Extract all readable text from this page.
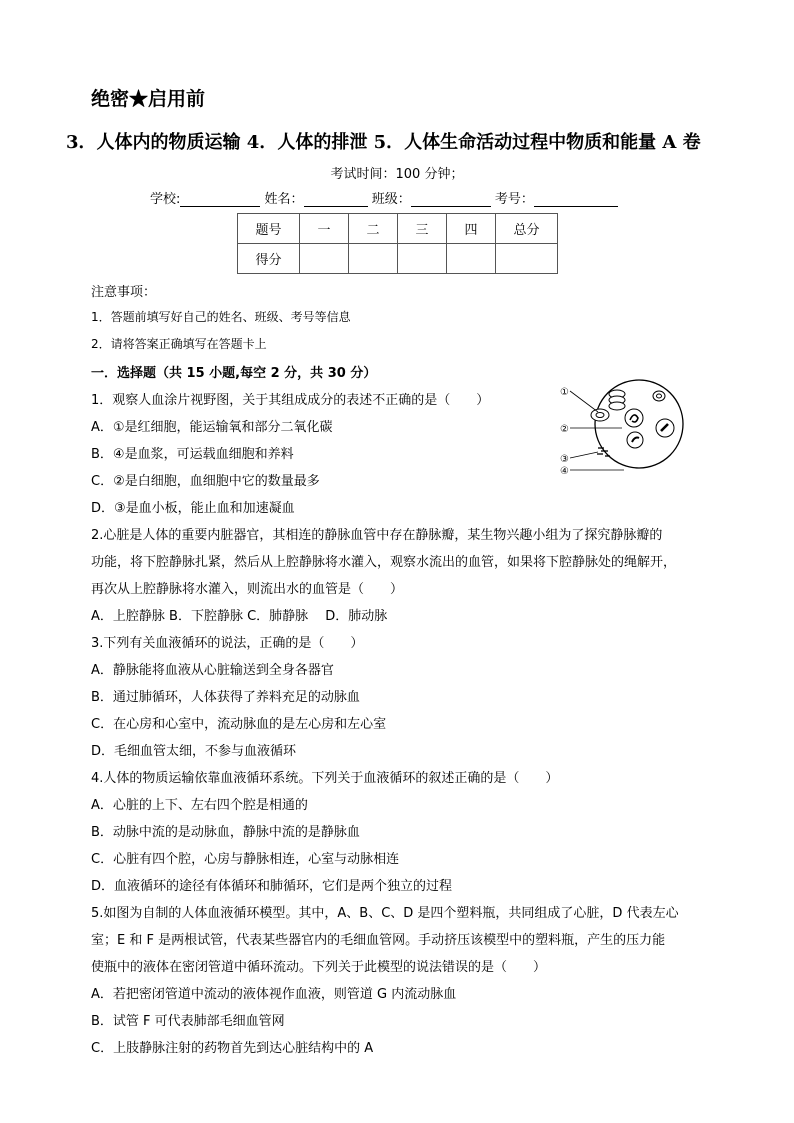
绝密★启用前
3．人体内的物质运输 4．人体的排泄 5．人体生命活动过程中物质和能量 A 卷
考试时间：100 分钟；
学校:	姓名：	班级：	考号：
题号	一	二	三	四	总分
得分					
注意事项：
1．答题前填写好自己的姓名、班级、考号等信息
2．请将答案正确填写在答题卡上
一．选择题（共 15 小题,每空 2 分，共 30 分）
1．观察人血涂片视野图，关于其组成成分的表述不正确的是（　　）
A．①是红细胞，能运输氧和部分二氧化碳
B．④是血浆，可运载血细胞和养料
C．②是白细胞，血细胞中它的数量最多
D．③是血小板，能止血和加速凝血
①
②
③
④
2.心脏是人体的重要内脏器官，其相连的静脉血管中存在静脉瓣，某生物兴趣小组为了探究静脉瓣的
功能，将下腔静脉扎紧，然后从上腔静脉将水灌入，观察水流出的血管，如果将下腔静脉处的绳解开，
再次从上腔静脉将水灌入，则流出水的血管是（　　）
A．上腔静脉 B．下腔静脉 C．肺静脉　 D．肺动脉
3.下列有关血液循环的说法，正确的是（　　）
A．静脉能将血液从心脏输送到全身各器官
B．通过肺循环，人体获得了养料充足的动脉血
C．在心房和心室中，流动脉血的是左心房和左心室
D．毛细血管太细，不参与血液循环
4.人体的物质运输依靠血液循环系统。下列关于血液循环的叙述正确的是（　　）
A．心脏的上下、左右四个腔是相通的
B．动脉中流的是动脉血，静脉中流的是静脉血
C．心脏有四个腔，心房与静脉相连，心室与动脉相连
D．血液循环的途径有体循环和肺循环，它们是两个独立的过程
5.如图为自制的人体血液循环模型。其中，A、B、C、D 是四个塑料瓶，共同组成了心脏，D 代表左心
室；E 和 F 是两根试管，代表某些器官内的毛细血管网。手动挤压该模型中的塑料瓶，产生的压力能
使瓶中的液体在密闭管道中循环流动。下列关于此模型的说法错误的是（　　）
A．若把密闭管道中流动的液体视作血液，则管道 G 内流动脉血
B．试管 F 可代表肺部毛细血管网
C．上肢静脉注射的药物首先到达心脏结构中的 A
